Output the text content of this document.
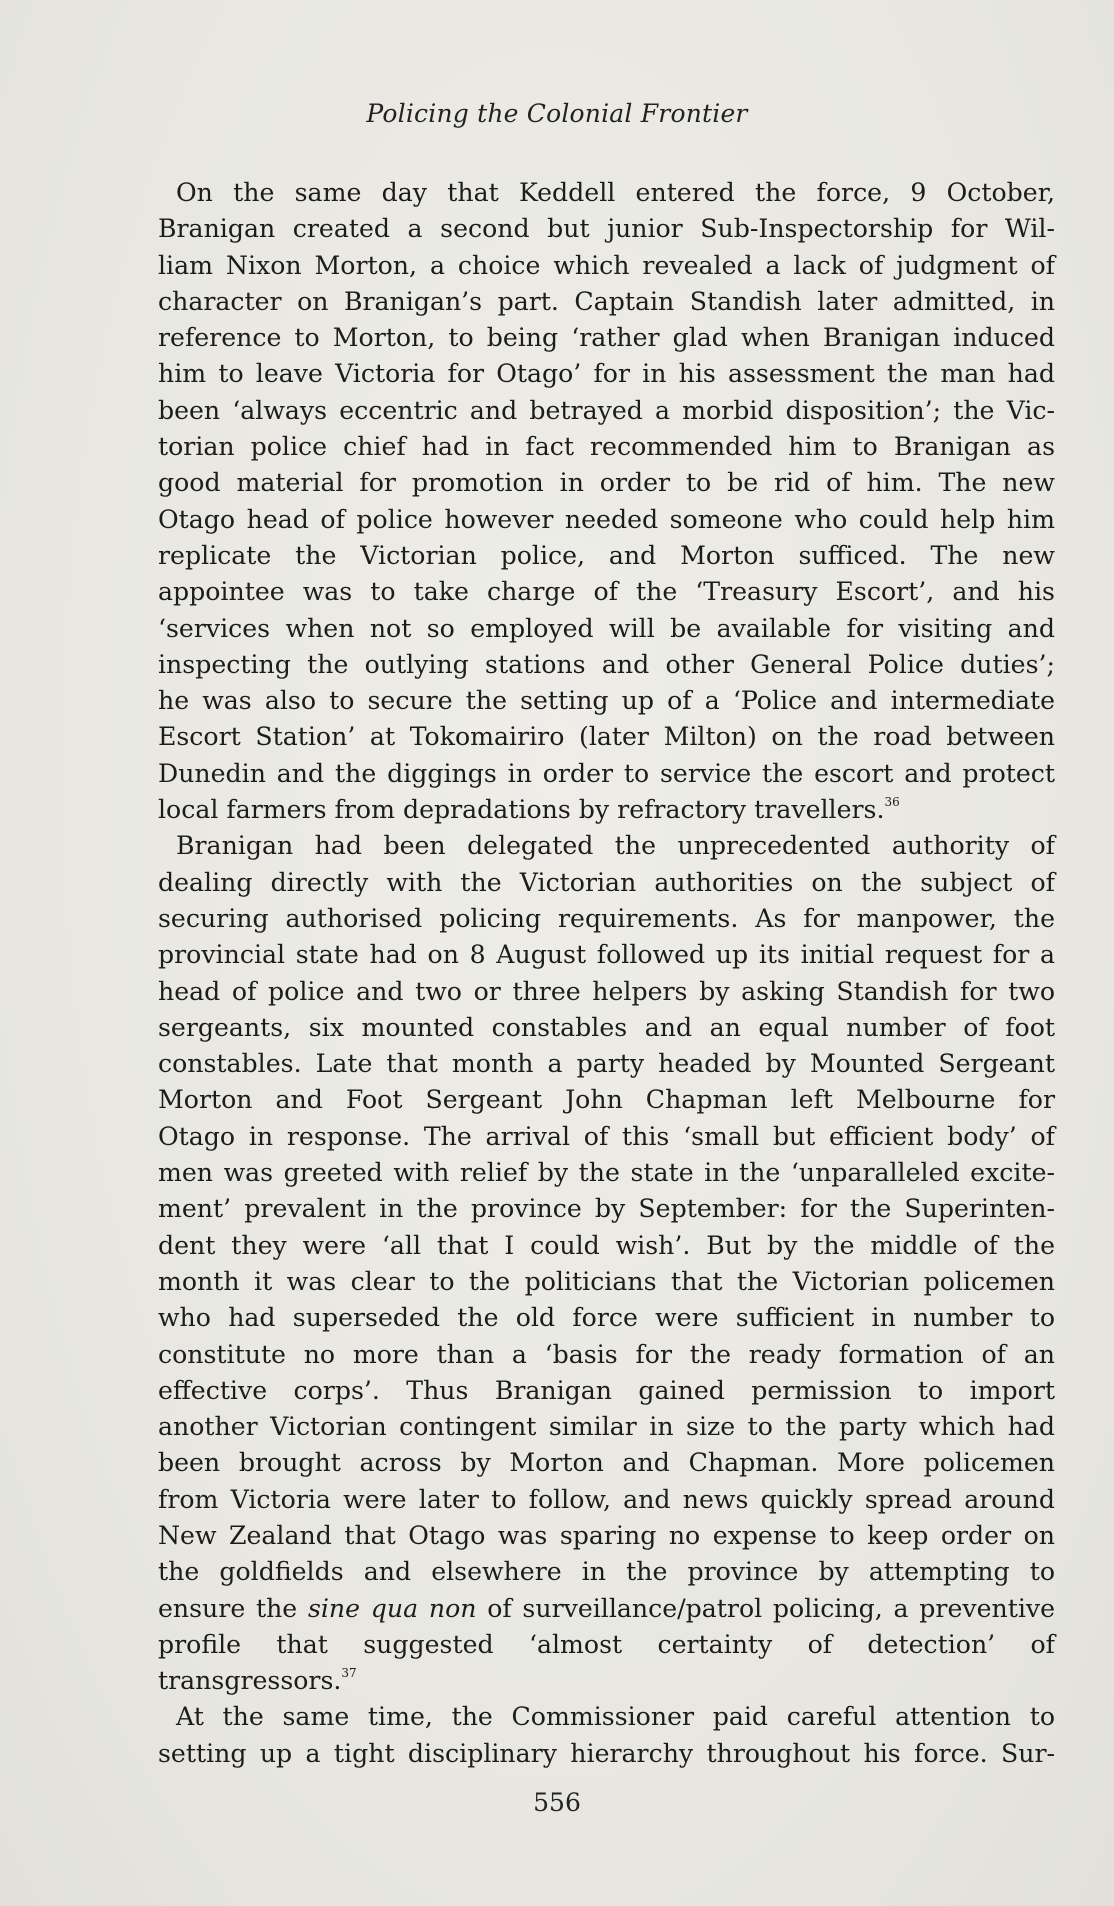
Policing the Colonial Frontier

On the same day that Keddell entered the force, 9 October,
Branigan created a second but junior Sub-Inspectorship for Wil-
liam Nixon Morton, a choice which revealed a lack of judgment of
character on Branigan’s part. Captain Standish later admitted, in
reference to Morton, to being ‘rather glad when Branigan induced
him to leave Victoria for Otago’ for in his assessment the man had
been ‘always eccentric and betrayed a morbid disposition’; the Vic-
torian police chief had in fact recommended him to Branigan as
good material for promotion in order to be rid of him. The new
Otago head of police however needed someone who could help him
replicate the Victorian police, and Morton sufficed. The new
appointee was to take charge of the ‘Treasury Escort’, and his
‘services when not so employed will be available for visiting and
inspecting the outlying stations and other General Police duties’;
he was also to secure the setting up of a ‘Police and intermediate
Escort Station’ at Tokomairiro (later Milton) on the road between
Dunedin and the diggings in order to service the escort and protect
local farmers from depradations by refractory travellers.$^{36}$

Branigan had been delegated the unprecedented authority of
dealing directly with the Victorian authorities on the subject of
securing authorised policing requirements. As for manpower, the
provincial state had on 8 August followed up its initial request for a
head of police and two or three helpers by asking Standish for two
sergeants, six mounted constables and an equal number of foot
constables. Late that month a party headed by Mounted Sergeant
Morton and Foot Sergeant John Chapman left Melbourne for
Otago in response. The arrival of this ‘small but efficient body’ of
men was greeted with relief by the state in the ‘unparalleled excite-
ment’ prevalent in the province by September: for the Superinten-
dent they were ‘all that I could wish’. But by the middle of the
month it was clear to the politicians that the Victorian policemen
who had superseded the old force were sufficient in number to
constitute no more than a ‘basis for the ready formation of an
effective corps’. Thus Branigan gained permission to import
another Victorian contingent similar in size to the party which had
been brought across by Morton and Chapman. More policemen
from Victoria were later to follow, and news quickly spread around
New Zealand that Otago was sparing no expense to keep order on
the goldfields and elsewhere in the province by attempting to
ensure the sine qua non of surveillance/patrol policing, a preventive
profile that suggested ‘almost certainty of detection’ of
transgressors.$^{37}$

At the same time, the Commissioner paid careful attention to
setting up a tight disciplinary hierarchy throughout his force. Sur-

556
